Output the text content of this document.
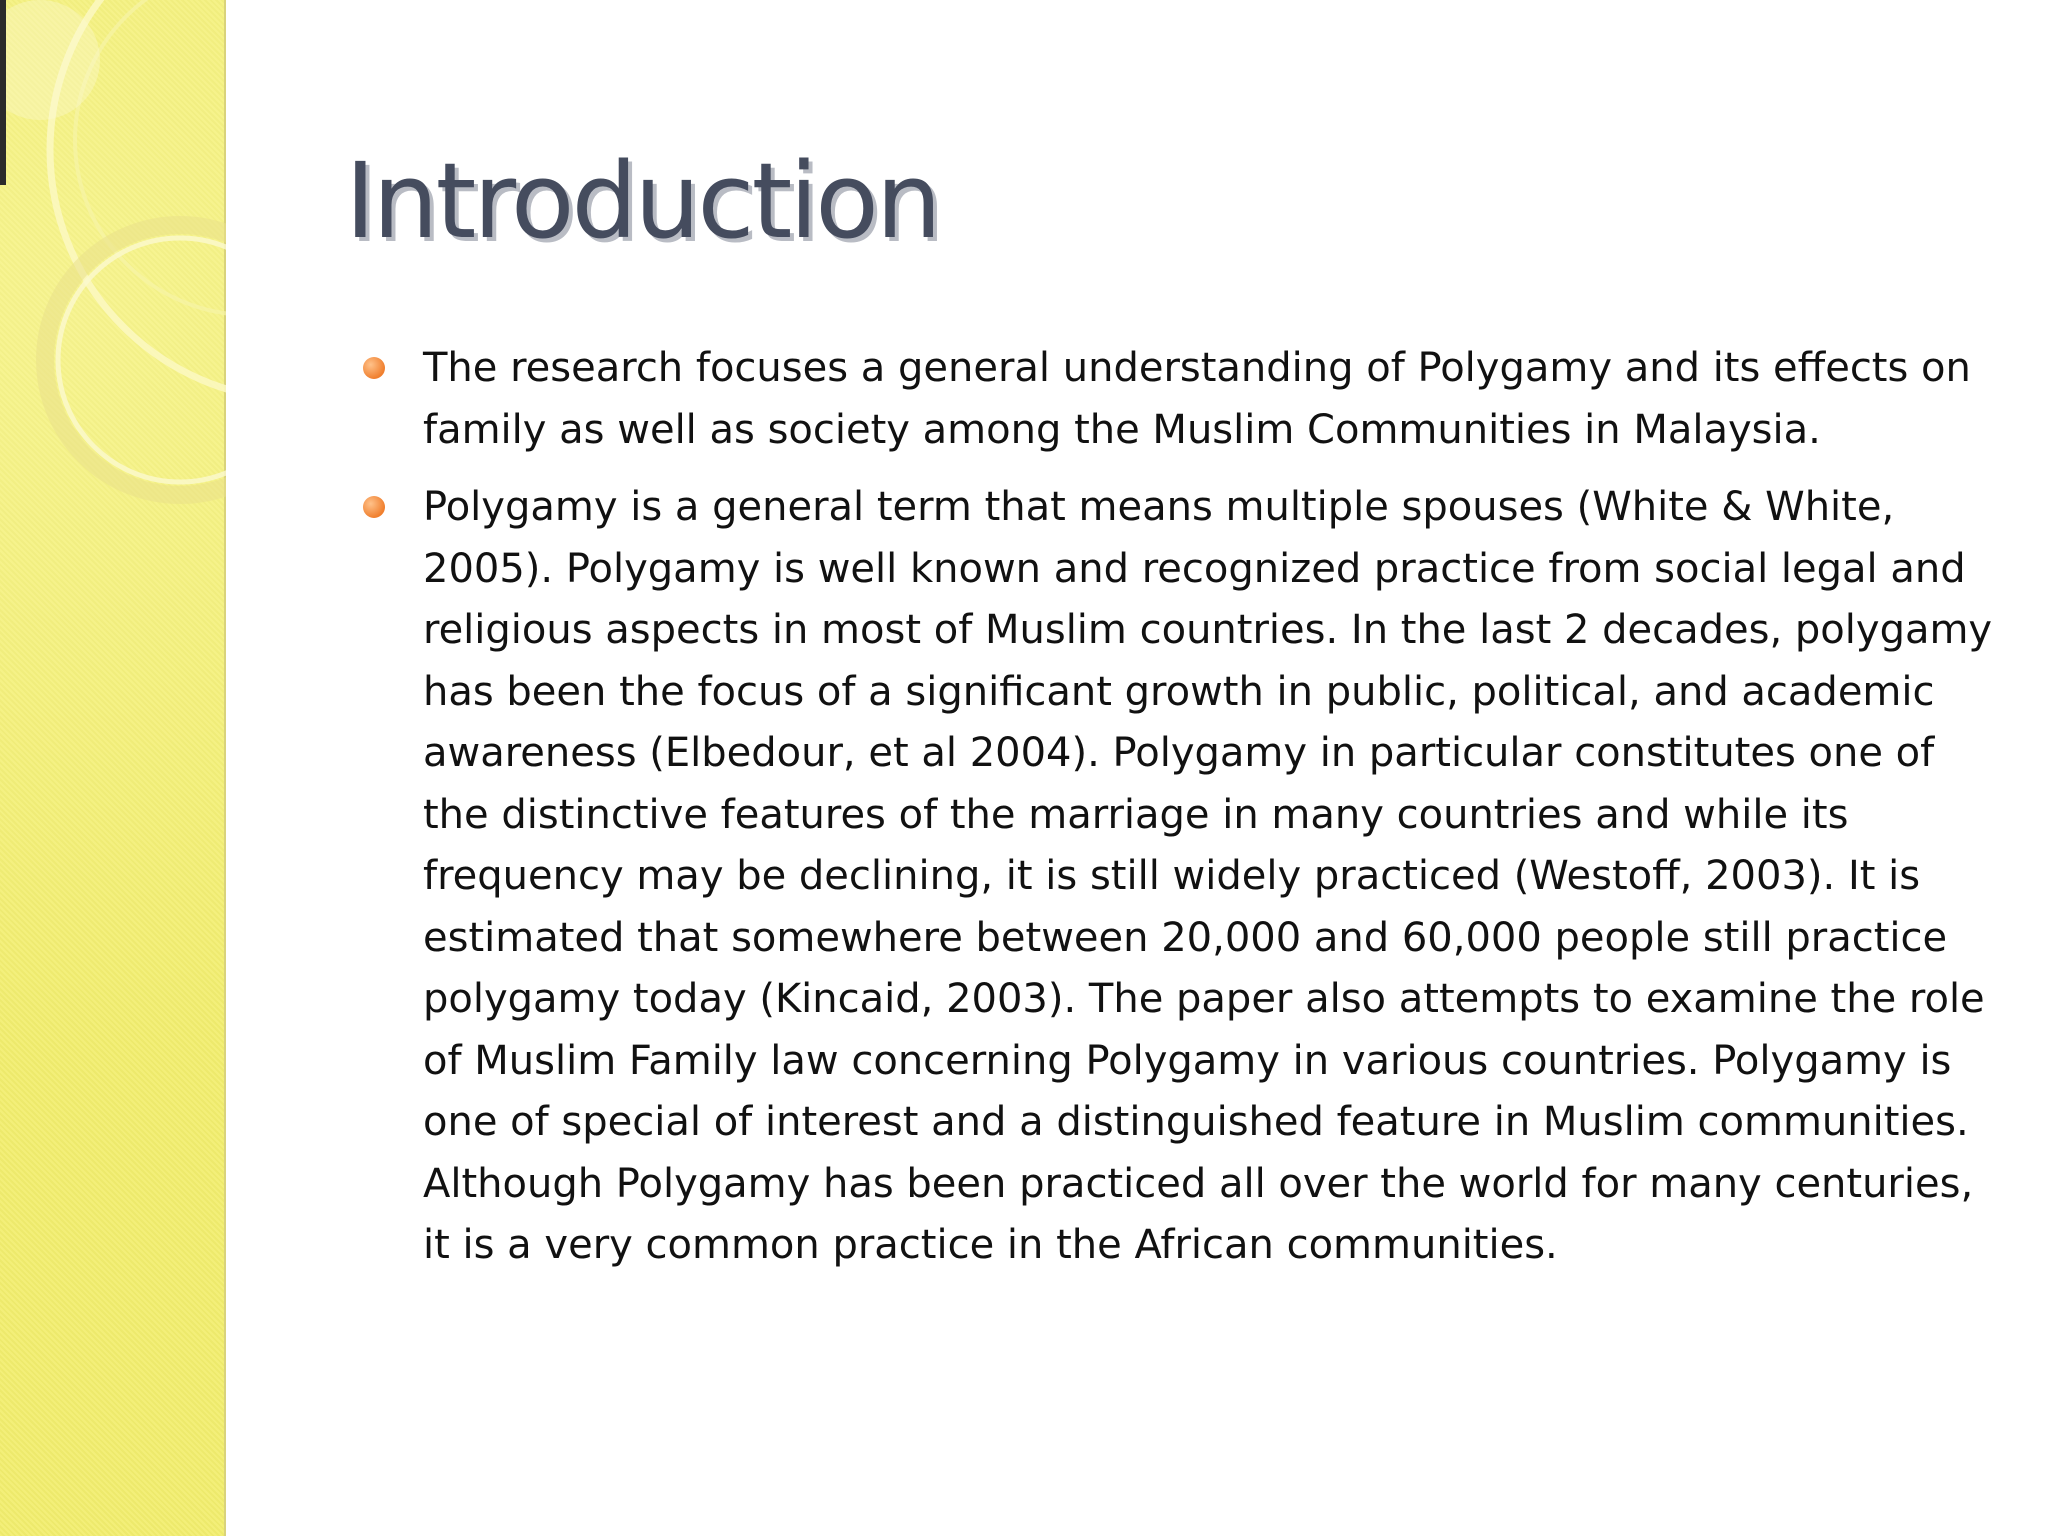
Introduction
The research focuses a general understanding of Polygamy and its effects on family as well as society among the Muslim Communities in Malaysia.
Polygamy is a general term that means multiple spouses (White & White, 2005). Polygamy is well known and recognized practice from social legal and religious aspects in most of Muslim countries. In the last 2 decades, polygamy has been the focus of a significant growth in public, political, and academic awareness (Elbedour, et al 2004). Polygamy in particular constitutes one of the distinctive features of the marriage in many countries and while its frequency may be declining, it is still widely practiced (Westoff, 2003). It is estimated that somewhere between 20,000 and 60,000 people still practice polygamy today (Kincaid, 2003). The paper also attempts to examine the role of Muslim Family law concerning Polygamy in various countries. Polygamy is one of special of interest and a distinguished feature in Muslim communities. Although Polygamy has been practiced all over the world for many centuries, it is a very common practice in the African communities.
